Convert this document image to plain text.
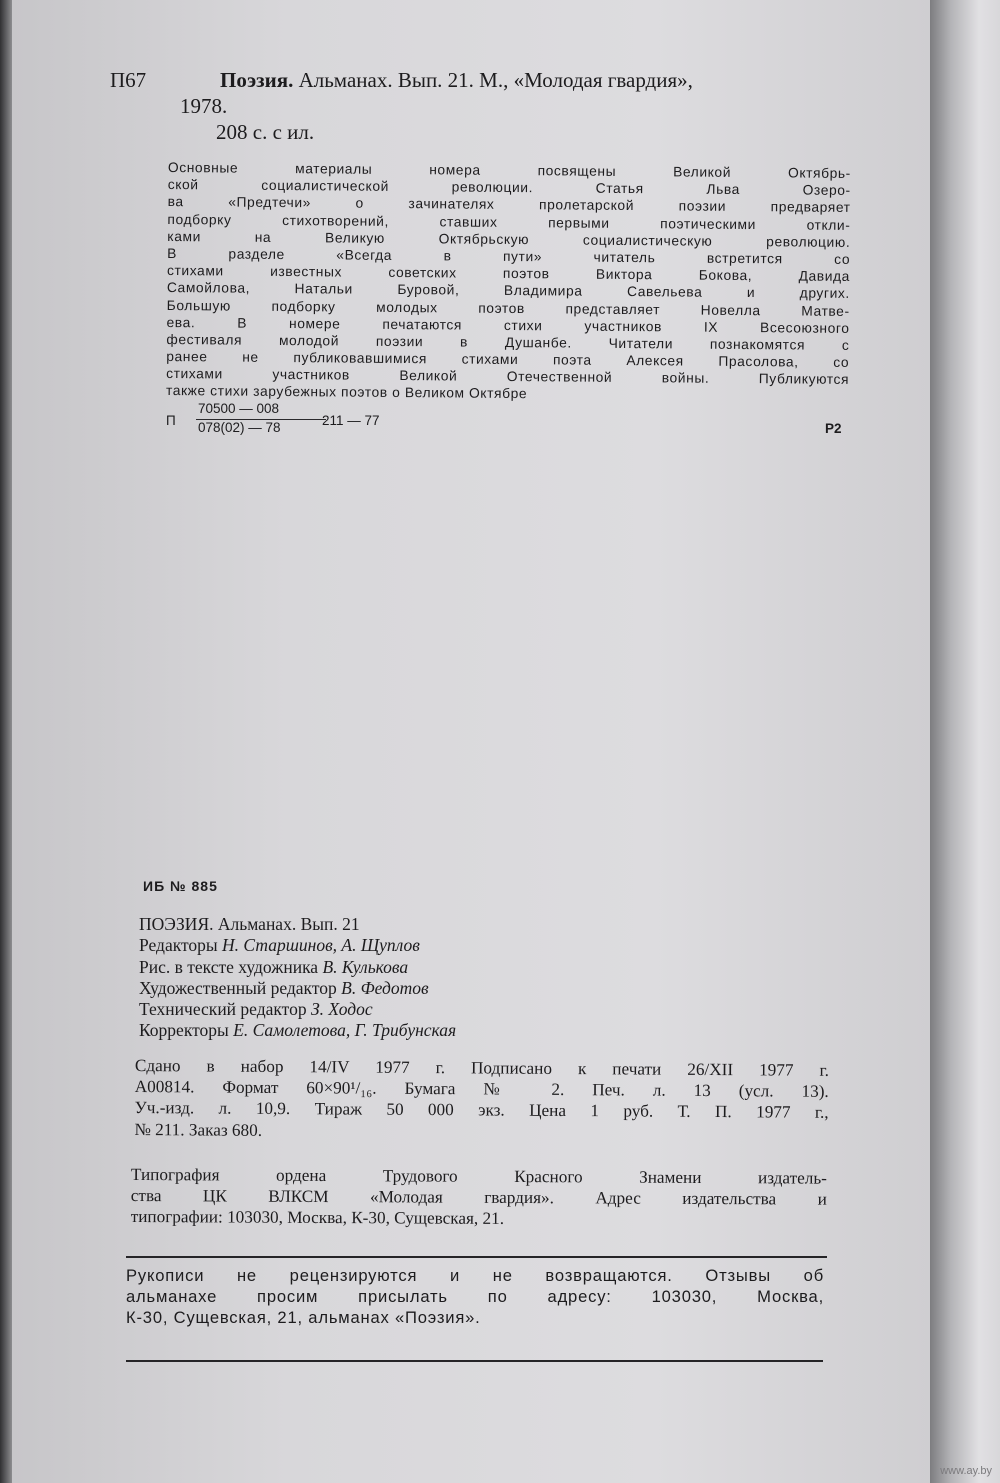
П67	Поэзия. Альманах. Вып. 21. М., «Молодая гвардия»,
1978.
208 с. с ил.
Основные материалы номера посвящены Великой Октябрь-
ской социалистической революции. Статья Льва Озеро-
ва «Предтечи» о зачинателях пролетарской поэзии предваряет
подборку стихотворений, ставших первыми поэтическими откли-
ками на Великую Октябрьскую социалистическую революцию.
В разделе «Всегда в пути» читатель встретится со
стихами известных советских поэтов Виктора Бокова, Давида
Самойлова, Натальи Буровой, Владимира Савельева и других.
Большую подборку молодых поэтов представляет Новелла Матве-
ева. В номере печатаются стихи участников IX Всесоюзного
фестиваля молодой поэзии в Душанбе. Читатели познакомятся с
ранее не публиковавшимися стихами поэта Алексея Прасолова, со
стихами участников Великой Отечественной войны. Публикуются
также стихи зарубежных поэтов о Великом Октябре
П
70500 — 008
078(02) — 78	211 — 77
Р2
ИБ № 885
ПОЭЗИЯ. Альманах. Вып. 21
Редакторы Н. Старшинов, А. Щуплов
Рис. в тексте художника В. Кулькова
Художественный редактор В. Федотов
Технический редактор З. Ходос
Корректоры Е. Самолетова, Г. Трибунская
Сдано в набор 14/IV 1977 г. Подписано к печати 26/XII 1977 г.
А00814. Формат 60×90¹/₁₆. Бумага № 2. Печ. л. 13 (усл. 13).
Уч.-изд. л. 10,9. Тираж 50 000 экз. Цена 1 руб. Т. П. 1977 г.,
№ 211. Заказ 680.
Типография ордена Трудового Красного Знамени издатель-
ства ЦК ВЛКСМ «Молодая гвардия». Адрес издательства и
типографии: 103030, Москва, К-30, Сущевская, 21.
Рукописи не рецензируются и не возвращаются. Отзывы об
альманахе просим присылать по адресу: 103030, Москва,
К-30, Сущевская, 21, альманах «Поэзия».
www.ay.by
